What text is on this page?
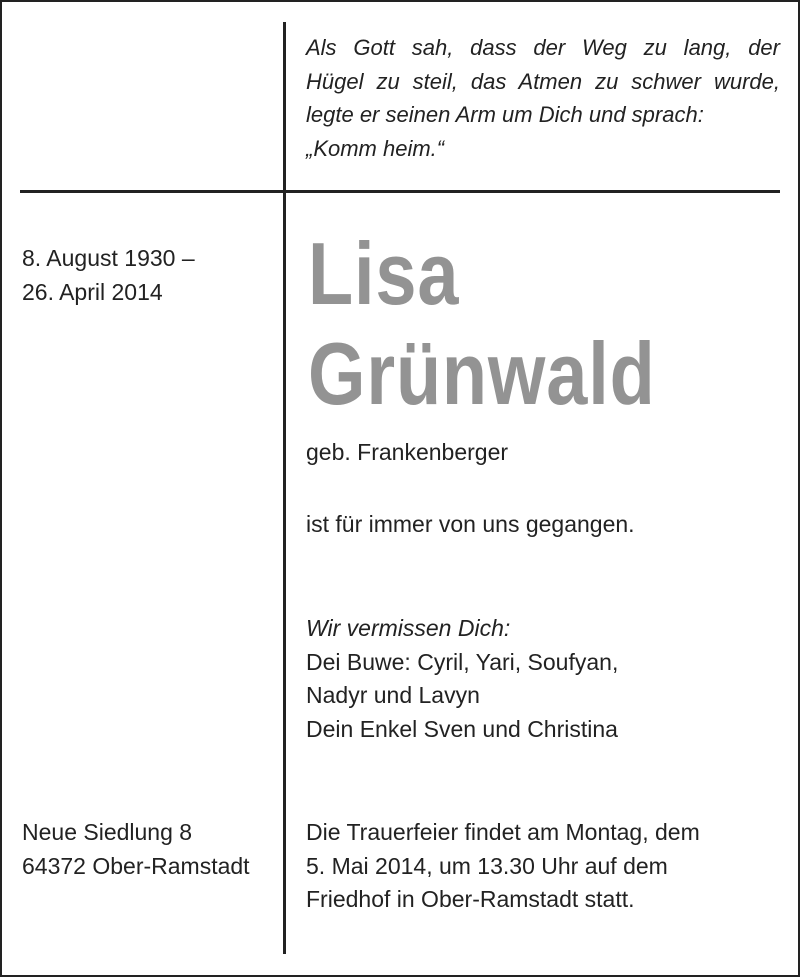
Als Gott sah, dass der Weg zu lang, der
Hügel zu steil, das Atmen zu schwer wurde,
legte er seinen Arm um Dich und sprach:
„Komm heim.“
8. August 1930 –
26. April 2014	Lisa
Grünwald
geb. Frankenberger
ist für immer von uns gegangen.
Wir vermissen Dich:
Dei Buwe: Cyril, Yari, Soufyan,
Nadyr und Lavyn
Dein Enkel Sven und Christina
Neue Siedlung 8
64372 Ober-Ramstadt
Die Trauerfeier findet am Montag, dem
5. Mai 2014, um 13.30 Uhr auf dem
Friedhof in Ober-Ramstadt statt.
